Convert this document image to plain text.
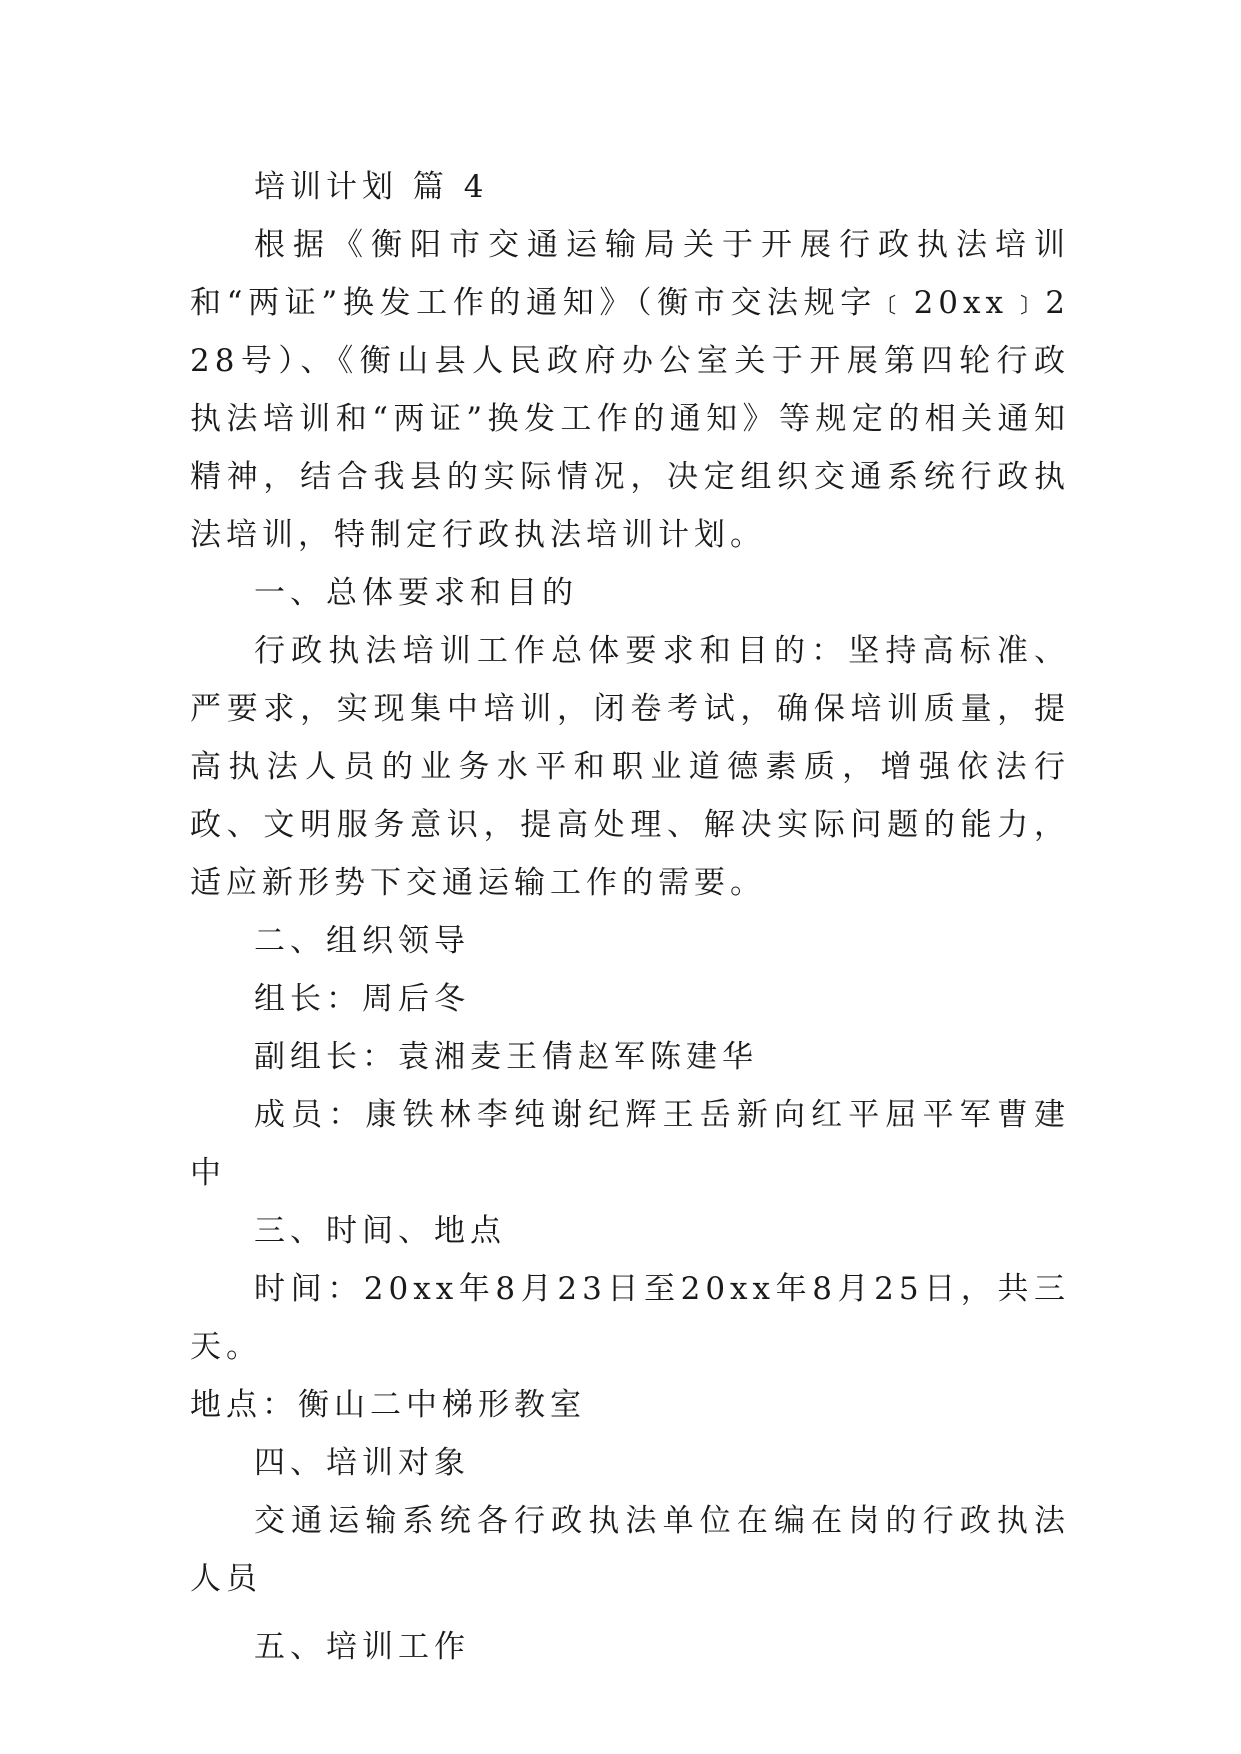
培训计划 篇 4

根据《衡阳市交通运输局关于开展行政执法培训和“两证”换发工作的通知》（衡市交法规字﹝20xx﹞228号）、《衡山县人民政府办公室关于开展第四轮行政执法培训和“两证”换发工作的通知》等规定的相关通知精神，结合我县的实际情况，决定组织交通系统行政执法培训，特制定行政执法培训计划。

一、总体要求和目的

行政执法培训工作总体要求和目的：坚持高标准、严要求，实现集中培训，闭卷考试，确保培训质量，提高执法人员的业务水平和职业道德素质，增强依法行政、文明服务意识，提高处理、解决实际问题的能力，适应新形势下交通运输工作的需要。

二、组织领导

组长：周后冬

副组长：袁湘麦王倩赵军陈建华

成员：康铁林李纯谢纪辉王岳新向红平屈平军曹建中

三、时间、地点

时间：20xx年8月23日至20xx年8月25日，共三天。

地点：衡山二中梯形教室

四、培训对象

交通运输系统各行政执法单位在编在岗的行政执法人员

五、培训工作
